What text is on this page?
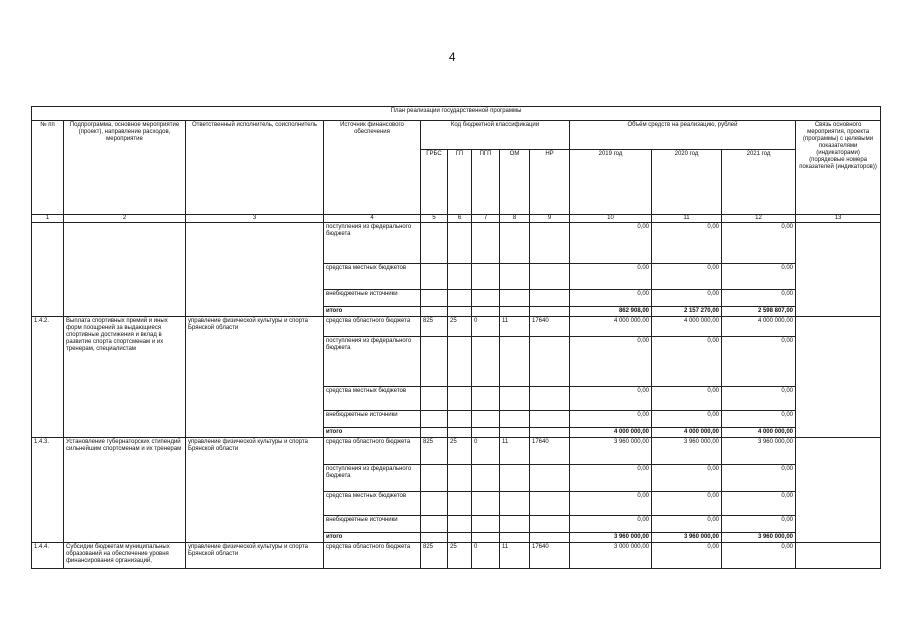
4
План реализации государственной программы												
№ пп	Подпрограмма, основное мероприятие (проект), направление расходов, мероприятие	Ответственный исполнитель, соисполнитель	Источник финансового обеспечения	Код бюджетной классификации					Объём средств на реализацию, рублей			Связь основного мероприятия, проекта (программы) с целевыми показателями (индикаторами) (порядковые номера показателей (индикаторов))
				ГРБС	ГП	ПГП	ОМ	НР	2019 год	2020 год	2021 год	
1	2	3	4	5	6	7	8	9	10	11	12	13
			поступления из федерального бюджета						0,00	0,00	0,00	
			средства местных бюджетов						0,00	0,00	0,00	
			внебюджетные источники						0,00	0,00	0,00	
			итого						862 908,00	2 157 270,00	2 598 807,00	
1.4.2.	Выплата спортивных премий и иных форм поощрений за выдающиеся спортивные достижения и вклад в развитие спорта спортсменам и их тренерам, специалистам	управление физической культуры и спорта Брянской области	средства областного бюджета	825	25	0	11	17640	4 000 000,00	4 000 000,00	4 000 000,00	
			поступления из федерального бюджета						0,00	0,00	0,00	
			средства местных бюджетов						0,00	0,00	0,00	
			внебюджетные источники						0,00	0,00	0,00	
			итого						4 000 000,00	4 000 000,00	4 000 000,00	
1.4.3.	Установление губернаторских стипендий сильнейшим спортсменам и их тренерам	управление физической культуры и спорта Брянской области	средства областного бюджета	825	25	0	11	17640	3 960 000,00	3 960 000,00	3 960 000,00	
			поступления из федерального бюджета						0,00	0,00	0,00	
			средства местных бюджетов						0,00	0,00	0,00	
			внебюджетные источники						0,00	0,00	0,00	
			итого						3 960 000,00	3 960 000,00	3 960 000,00	
1.4.4.	Субсидии бюджетам муниципальных образований на обеспечение уровня финансирования организаций,	управление физической культуры и спорта Брянской области	средства областного бюджета	825	25	0	11	17640	3 000 000,00	0,00	0,00	
